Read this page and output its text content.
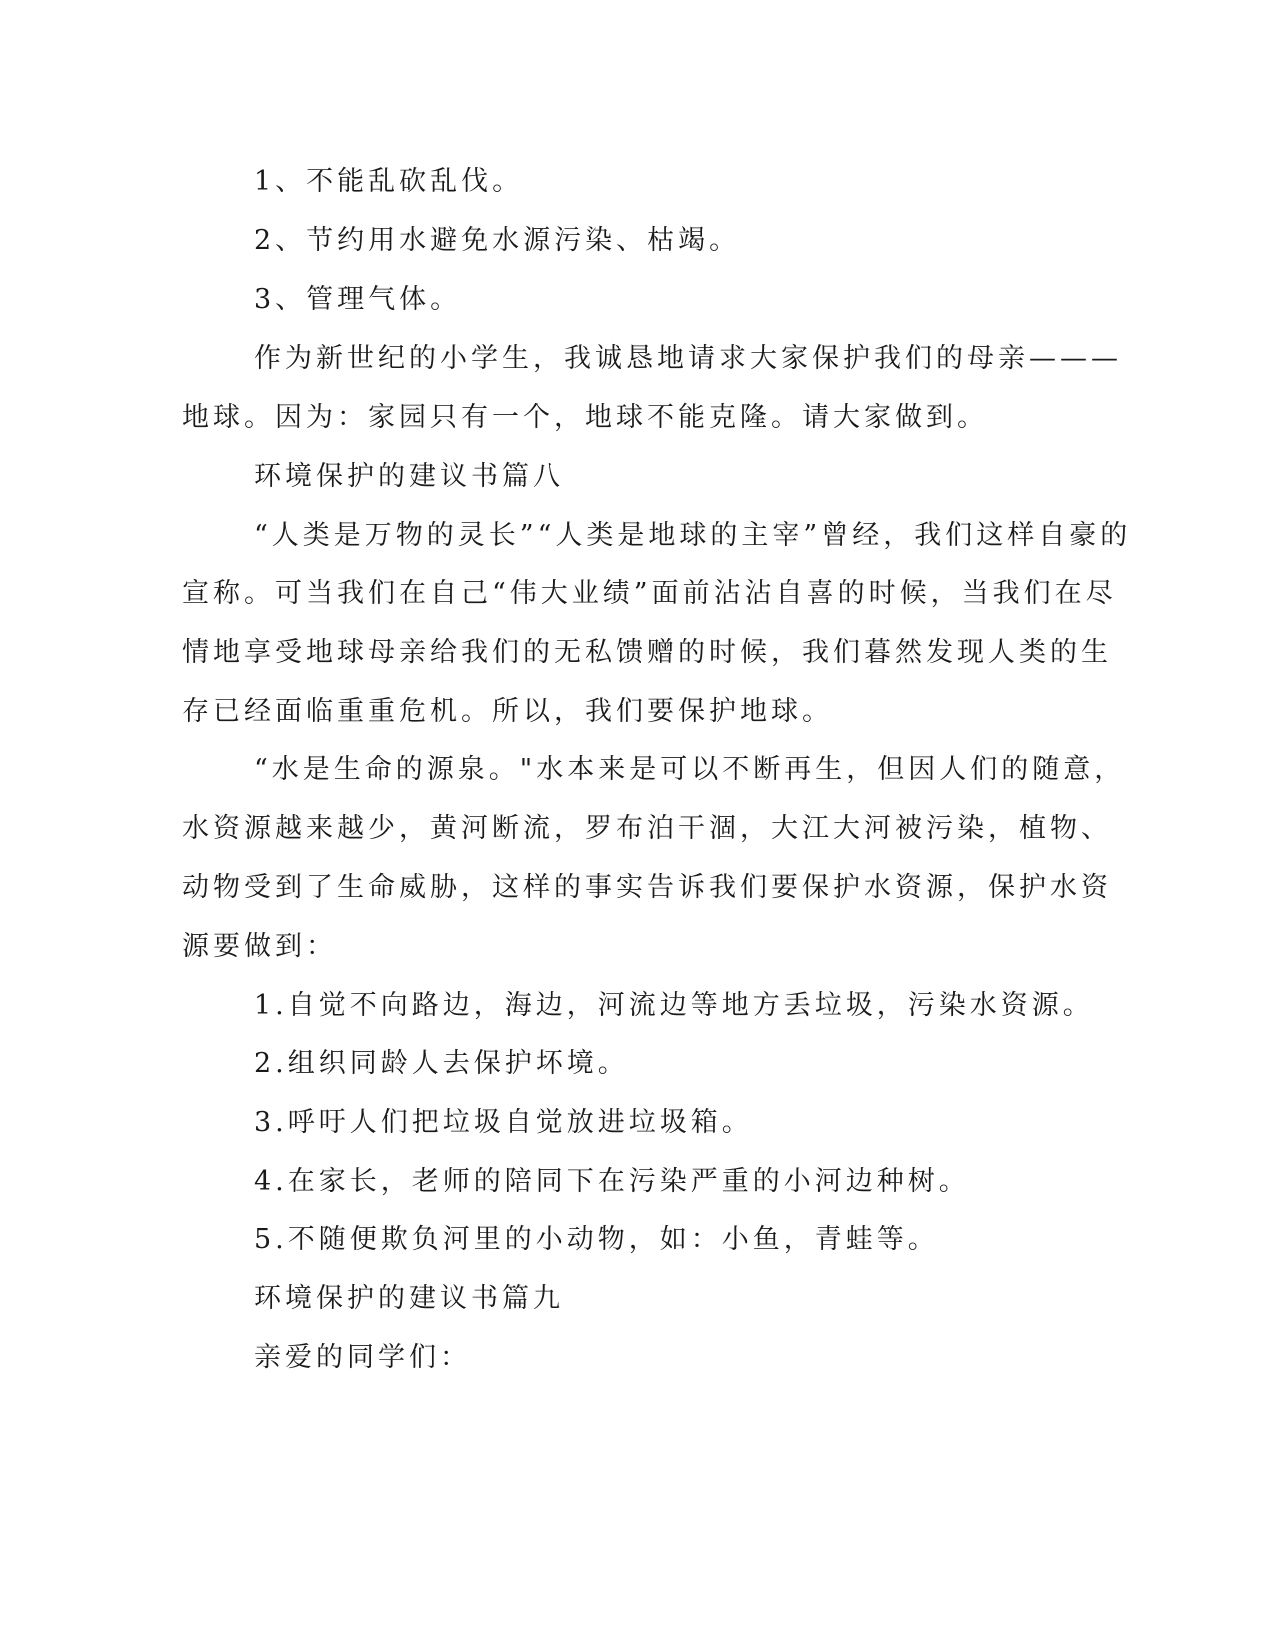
1、不能乱砍乱伐。
2、节约用水避免水源污染、枯竭。
3、管理气体。
作为新世纪的小学生，我诚恳地请求大家保护我们的母亲———
地球。因为：家园只有一个，地球不能克隆。请大家做到。
环境保护的建议书篇八
“人类是万物的灵长”“人类是地球的主宰”曾经，我们这样自豪的
宣称。可当我们在自己“伟大业绩”面前沾沾自喜的时候，当我们在尽
情地享受地球母亲给我们的无私馈赠的时候，我们暮然发现人类的生
存已经面临重重危机。所以，我们要保护地球。
“水是生命的源泉。"水本来是可以不断再生，但因人们的随意，
水资源越来越少，黄河断流，罗布泊干涸，大江大河被污染，植物、
动物受到了生命威胁，这样的事实告诉我们要保护水资源，保护水资
源要做到：
1.自觉不向路边，海边，河流边等地方丢垃圾，污染水资源。
2.组织同龄人去保护坏境。
3.呼吁人们把垃圾自觉放进垃圾箱。
4.在家长，老师的陪同下在污染严重的小河边种树。
5.不随便欺负河里的小动物，如：小鱼，青蛙等。
环境保护的建议书篇九
亲爱的同学们：
